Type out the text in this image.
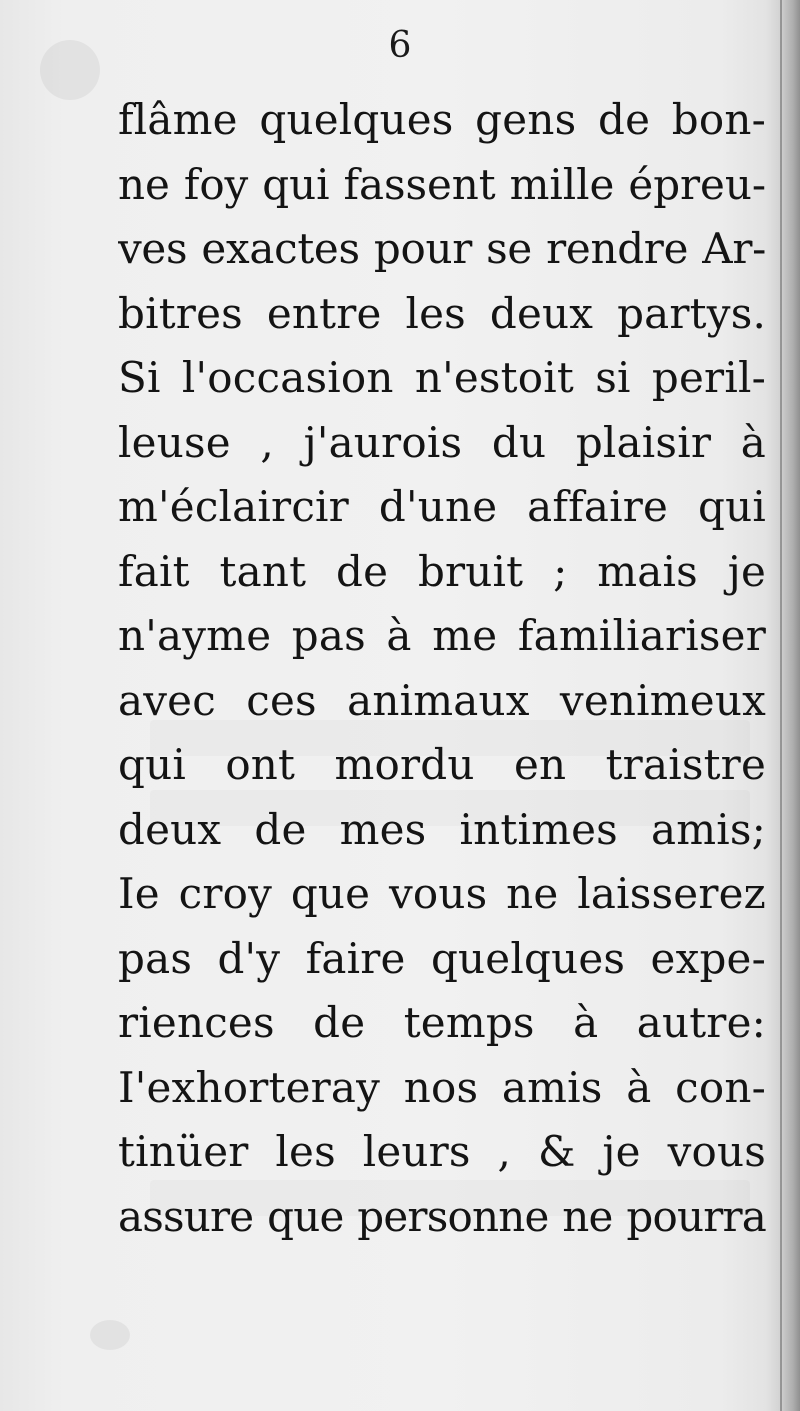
6
flâme quelques gens de bon-
ne foy qui fassent mille épreu-
ves exactes pour se rendre Ar-
bitres entre les deux partys.
Si l'occasion n'estoit si peril-
leuse , j'aurois du plaisir à
m'éclaircir d'une affaire qui
fait tant de bruit ; mais je
n'ayme pas à me familiariser
avec ces animaux venimeux
qui ont mordu en traistre
deux de mes intimes amis;
Ie croy que vous ne laisserez
pas d'y faire quelques expe-
riences de temps à autre:
I'exhorteray nos amis à con-
tinüer les leurs , & je vous
assure que personne ne pourra
